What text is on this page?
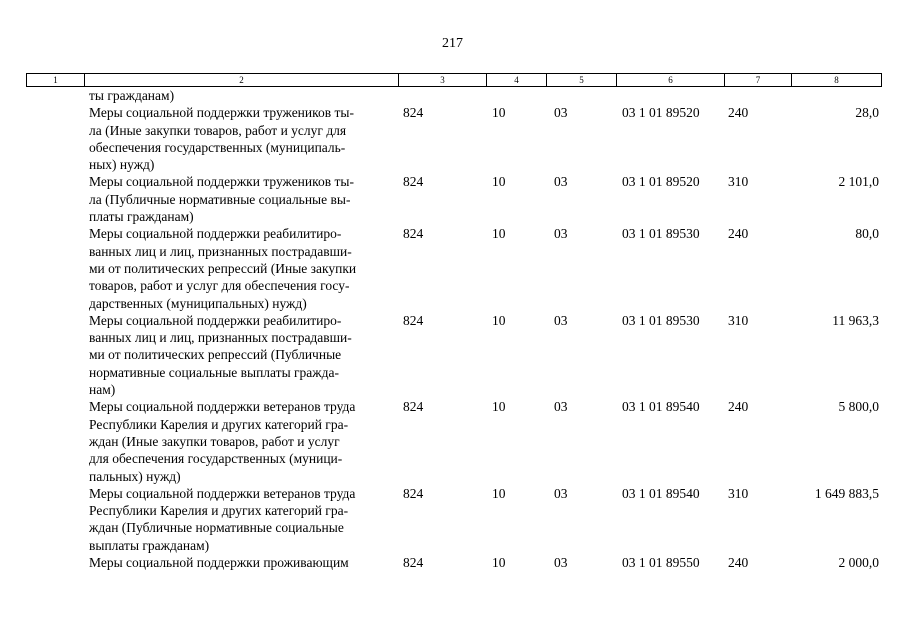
217
1	2	3	4	5	6	7	8
ты гражданам)						

Меры социальной поддержки тружеников ты-
ла (Иные закупки товаров, работ и услуг для
обеспечения государственных (муниципаль-
ных) нужд)	824	10	03	03 1 01 89520	240	28,0

Меры социальной поддержки тружеников ты-
ла (Публичные нормативные социальные вы-
платы гражданам)	824	10	03	03 1 01 89520	310	2 101,0

Меры социальной поддержки реабилитиро-
ванных лиц и лиц, признанных пострадавши-
ми от политических репрессий (Иные закупки
товаров, работ и услуг для обеспечения госу-
дарственных (муниципальных) нужд)	824	10	03	03 1 01 89530	240	80,0

Меры социальной поддержки реабилитиро-
ванных лиц и лиц, признанных пострадавши-
ми от политических репрессий (Публичные
нормативные социальные выплаты гражда-
нам)	824	10	03	03 1 01 89530	310	11 963,3

Меры социальной поддержки ветеранов труда
Республики Карелия и других категорий гра-
ждан (Иные закупки товаров, работ и услуг
для обеспечения государственных (муници-
пальных) нужд)	824	10	03	03 1 01 89540	240	5 800,0

Меры социальной поддержки ветеранов труда
Республики Карелия и других категорий гра-
ждан (Публичные нормативные социальные
выплаты гражданам)	824	10	03	03 1 01 89540	310	1 649 883,5

Меры социальной поддержки проживающим	824	10	03	03 1 01 89550	240	2 000,0
